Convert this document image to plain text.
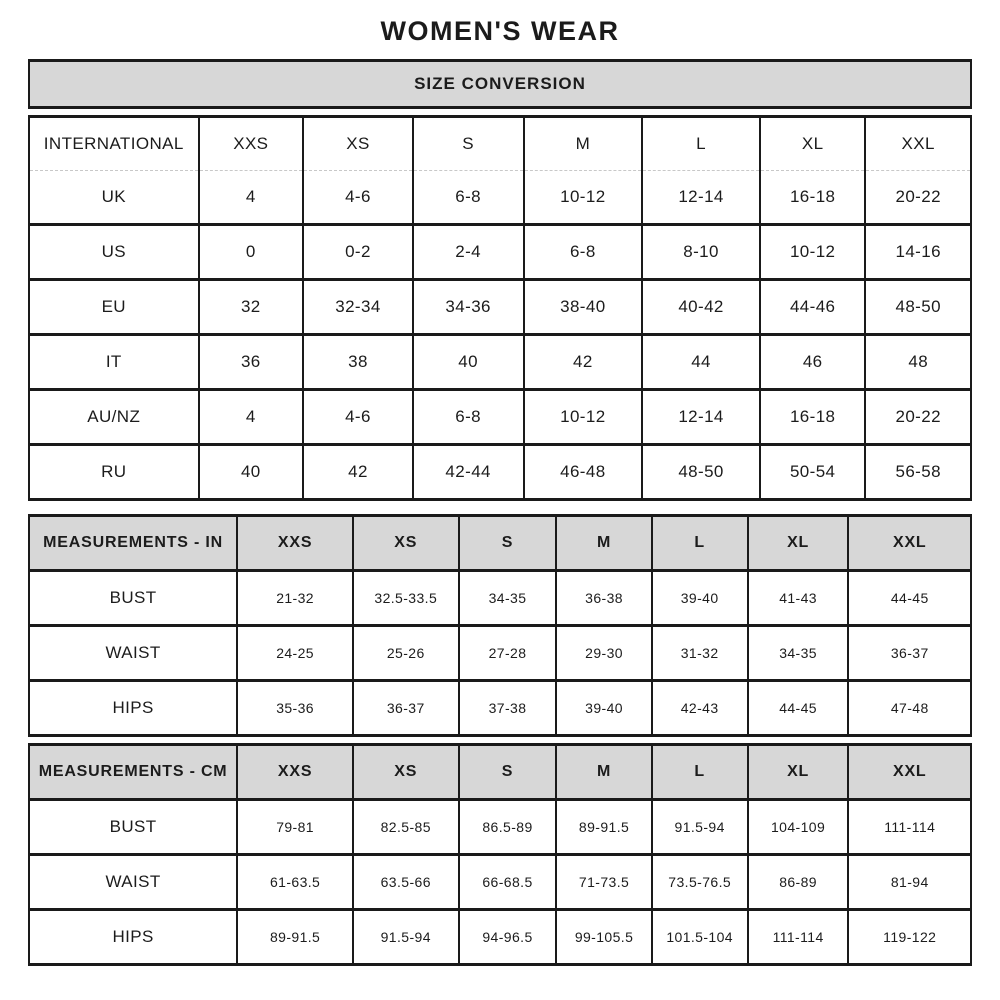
WOMEN'S WEAR
SIZE CONVERSION
INTERNATIONAL	XXS	XS	S	M	L	XL	XXL
UK	4	4-6	6-8	10-12	12-14	16-18	20-22
US	0	0-2	2-4	6-8	8-10	10-12	14-16
EU	32	32-34	34-36	38-40	40-42	44-46	48-50
IT	36	38	40	42	44	46	48
AU/NZ	4	4-6	6-8	10-12	12-14	16-18	20-22
RU	40	42	42-44	46-48	48-50	50-54	56-58
MEASUREMENTS - IN	XXS	XS	S	M	L	XL	XXL
BUST	21-32	32.5-33.5	34-35	36-38	39-40	41-43	44-45
WAIST	24-25	25-26	27-28	29-30	31-32	34-35	36-37
HIPS	35-36	36-37	37-38	39-40	42-43	44-45	47-48
MEASUREMENTS - CM	XXS	XS	S	M	L	XL	XXL
BUST	79-81	82.5-85	86.5-89	89-91.5	91.5-94	104-109	111-114
WAIST	61-63.5	63.5-66	66-68.5	71-73.5	73.5-76.5	86-89	81-94
HIPS	89-91.5	91.5-94	94-96.5	99-105.5	101.5-104	111-114	119-122
